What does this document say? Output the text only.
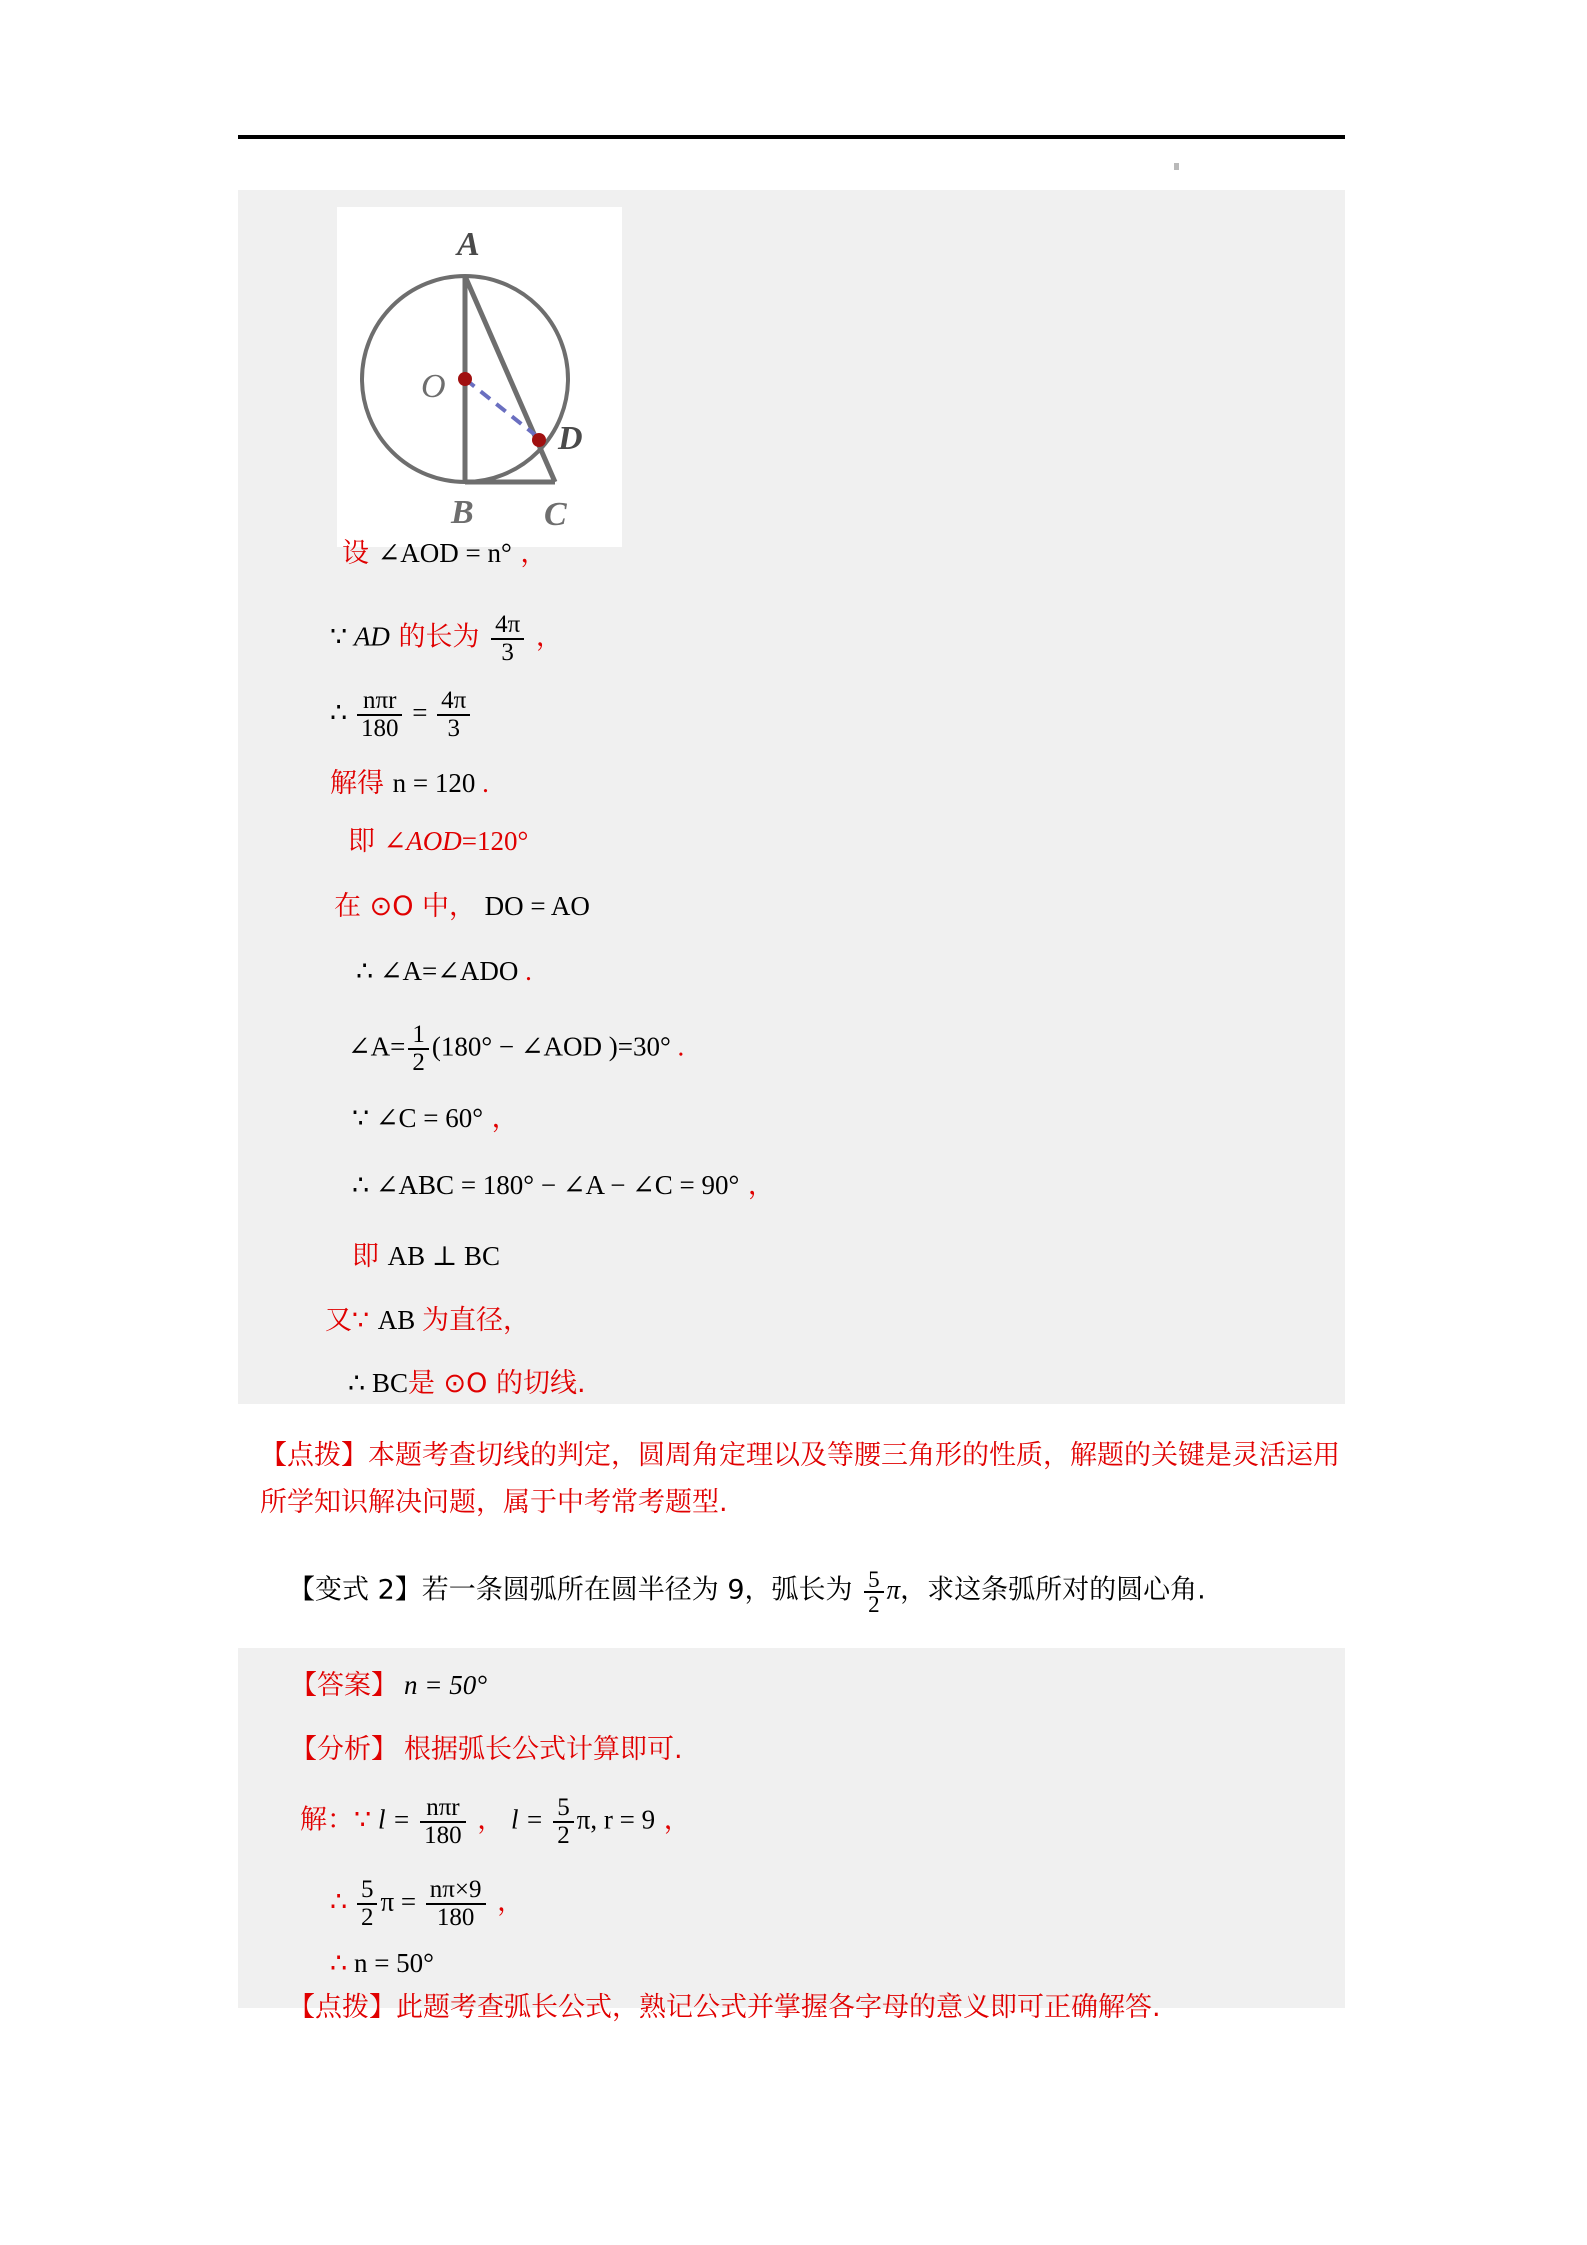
A
O
D
B C
设 ∠AOD = n° ，
∵ AD 的长为 $\frac{4\pi}{3}$ ，
∴ $\frac{\text{nπr}}{180} = \frac{4\pi}{3}$
解得 n = 120 .
即 ∠AOD=120°
在 ⊙O 中， DO = AO
∴ ∠A=∠ADO .
∠A= $\frac{1}{2} (180^\circ$ − ∠AOD )=30° .
∵ ∠C = 60° ，
∴ ∠ABC = 180° − ∠A − ∠C = 90° ，
即 AB ⊥ BC
又∵ AB 为直径，
∴ BC是 ⊙O 的切线.
【点拨】本题考查切线的判定，圆周角定理以及等腰三角形的性质，解题的关键是灵活运用所学知识解决问题，属于中考常考题型.
【变式 2】若一条圆弧所在圆半径为 9，弧长为 $\frac{5}{2}$ π，求这条弧所对的圆心角.
【答案】 n = 50°
【分析】 根据弧长公式计算即可.
解：∵ $l = \frac{\text{nπr}}{180}$ ， $l = \frac{5}{2} \pi$, r = 9 ，
∴ $\frac{5}{2}$ $\pi = \frac{n\pi\times 9}{180}$ ，
∴ n = 50°
【点拨】此题考查弧长公式，熟记公式并掌握各字母的意义即可正确解答.
